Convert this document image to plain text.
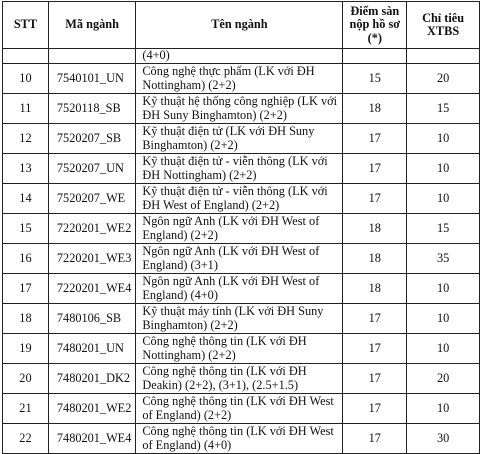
STT	Mã ngành	Tên ngành	Điểm sàn nộp hồ sơ (*)	Chỉ tiêu XTBS
		(4+0)		
10	7540101_UN	Công nghệ thực phẩm (LK với ĐH Nottingham) (2+2)	15	20
11	7520118_SB	Kỹ thuật hệ thống công nghiệp (LK với ĐH Suny Binghamton) (2+2)	18	15
12	7520207_SB	Kỹ thuật điện tử (LK với ĐH Suny Binghamton) (2+2)	17	10
13	7520207_UN	Kỹ thuật điện tử - viễn thông (LK với ĐH Nottingham) (2+2)	17	10
14	7520207_WE	Kỹ thuật điện tử - viễn thông (LK với ĐH West of England) (2+2)	17	10
15	7220201_WE2	Ngôn ngữ Anh (LK với ĐH West of England) (2+2)	18	15
16	7220201_WE3	Ngôn ngữ Anh (LK với ĐH West of England) (3+1)	18	35
17	7220201_WE4	Ngôn ngữ Anh (LK với ĐH West of England) (4+0)	18	10
18	7480106_SB	Kỹ thuật máy tính (LK với ĐH Suny Binghamton) (2+2)	17	10
19	7480201_UN	Công nghệ thông tin (LK với ĐH Nottingham) (2+2)	17	10
20	7480201_DK2	Công nghệ thông tin (LK với ĐH Deakin) (2+2), (3+1), (2.5+1.5)	17	20
21	7480201_WE2	Công nghệ thông tin (LK với ĐH West of England) (2+2)	17	10
22	7480201_WE4	Công nghệ thông tin (LK với ĐH West of England) (4+0)	17	30
